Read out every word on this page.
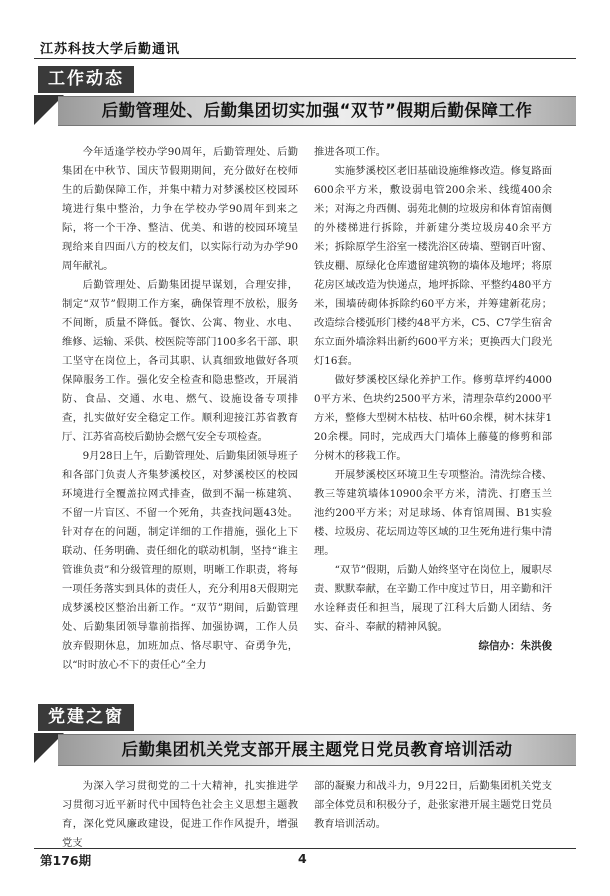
江苏科技大学后勤通讯
工作动态
后勤管理处、后勤集团切实加强“双节”假期后勤保障工作

今年适逢学校办学90周年，后勤管理处、后勤集团在中秋节、国庆节假期期间，充分做好在校师生的后勤保障工作，并集中精力对梦溪校区校园环境进行集中整治，力争在学校办学90周年到来之际，将一个干净、整洁、优美、和谐的校园环境呈现给来自四面八方的校友们，以实际行动为办学90周年献礼。

后勤管理处、后勤集团提早谋划，合理安排，制定“双节”假期工作方案，确保管理不放松，服务不间断，质量不降低。餐饮、公寓、物业、水电、维修、运输、采供、校医院等部门100多名干部、职工坚守在岗位上，各司其职、认真细致地做好各项保障服务工作。强化安全检查和隐患整改，开展消防、食品、交通、水电、燃气、设施设备专项排查，扎实做好安全稳定工作。顺利迎接江苏省教育厅、江苏省高校后勤协会燃气安全专项检查。

9月28日上午，后勤管理处、后勤集团领导班子和各部门负责人齐集梦溪校区，对梦溪校区的校园环境进行全覆盖拉网式排查，做到不漏一栋建筑、不留一片盲区、不留一个死角，共查找问题43处。针对存在的问题，制定详细的工作措施，强化上下联动、任务明确、责任细化的联动机制，坚持“谁主管谁负责”和分级管理的原则，明晰工作职责，将每一项任务落实到具体的责任人，充分利用8天假期完成梦溪校区整治出新工作。“双节”期间，后勤管理处、后勤集团领导靠前指挥、加强协调，工作人员放弃假期休息，加班加点、恪尽职守、奋勇争先，以“时时放心不下的责任心”全力

推进各项工作。

实施梦溪校区老旧基础设施维修改造。修复路面600余平方米，敷设弱电管200余米、线缆400余米；对海之舟西侧、弱苑北侧的垃圾房和体育馆南侧的外楼梯进行拆除，并新建分类垃圾房40余平方米；拆除原学生浴室一楼洗浴区砖墙、塑钢百叶窗、铁皮棚、原绿化仓库遗留建筑物的墙体及地坪；将原花房区域改造为快递点，地坪拆除、平整约480平方米，围墙砖砌体拆除约60平方米，并筹建新花房；改造综合楼弧形门楼约48平方米，C5、C7学生宿舍东立面外墙涂料出新约600平方米；更换西大门段光灯16套。

做好梦溪校区绿化养护工作。修剪草坪约40000平方米、色块约2500平方米，清理杂草约2000平方米，整修大型树木枯枝、枯叶60余棵，树木抹芽120余棵。同时，完成西大门墙体上藤蔓的修剪和部分树木的移栽工作。

开展梦溪校区环境卫生专项整治。清洗综合楼、教三等建筑墙体10900余平方米，清洗、打磨玉兰池约200平方米；对足球场、体育馆周围、B1实验楼、垃圾房、花坛周边等区域的卫生死角进行集中清理。

“双节”假期，后勤人始终坚守在岗位上，履职尽责、默默奉献，在辛勤工作中度过节日，用辛勤和汗水诠释责任和担当，展现了江科大后勤人团结、务实、奋斗、奉献的精神风貌。

综信办：朱洪俊
党建之窗
后勤集团机关党支部开展主题党日党员教育培训活动

为深入学习贯彻党的二十大精神，扎实推进学习贯彻习近平新时代中国特色社会主义思想主题教育，深化党风廉政建设，促进工作作风提升，增强党支

部的凝聚力和战斗力，9月22日，后勤集团机关党支部全体党员和积极分子，赴张家港开展主题党日党员教育培训活动。

第176期	4
